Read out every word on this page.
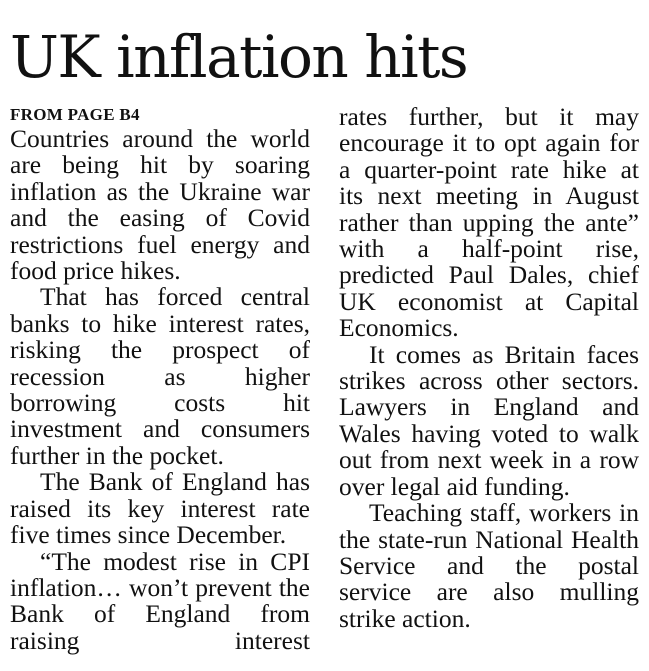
UK inflation hits
FROM PAGE B4

Countries around the world are being hit by soaring inflation as the Ukraine war and the easing of Covid restrictions fuel energy and food price hikes.

That has forced central banks to hike interest rates, risking the prospect of recession as higher borrowing costs hit investment and consumers further in the pocket.

The Bank of England has raised its key interest rate five times since December.

“The modest rise in CPI inflation… won’t prevent the Bank of England from raising interest

rates further, but it may encourage it to opt again for a quarter-point rate hike at its next meeting in August rather than upping the ante” with a half-point rise, predicted Paul Dales, chief UK economist at Capital Economics.

It comes as Britain faces strikes across other sectors. Lawyers in England and Wales having voted to walk out from next week in a row over legal aid funding.

Teaching staff, workers in the state-run National Health Service and the postal service are also mulling strike action.
